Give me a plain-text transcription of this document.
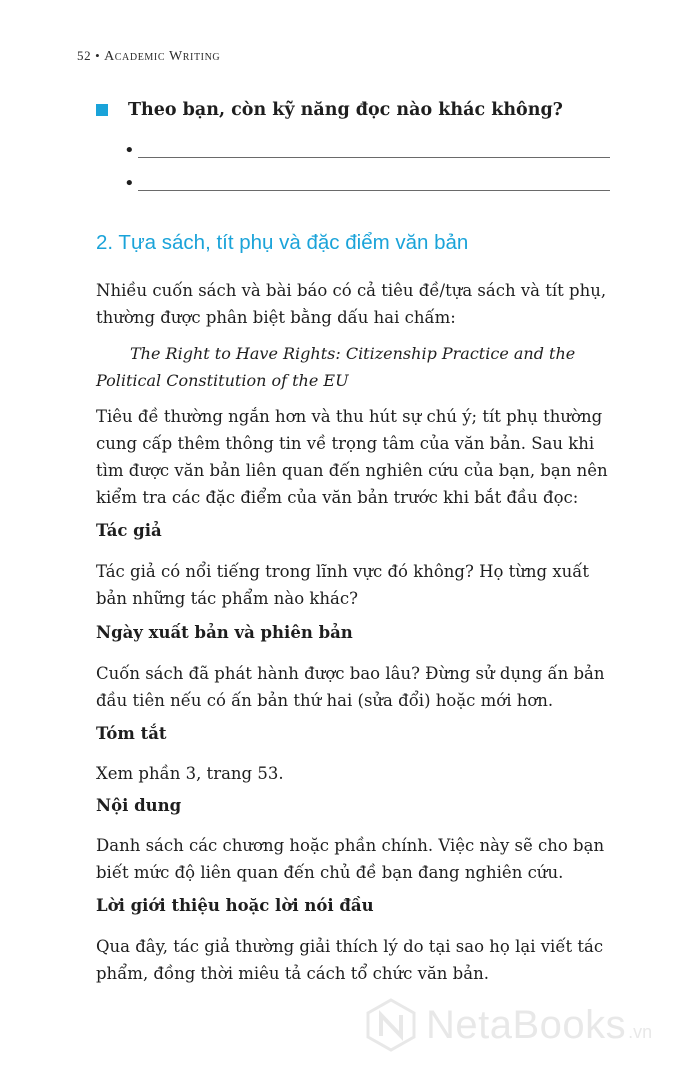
52 • Academic Writing
Theo bạn, còn kỹ năng đọc nào khác không?
•
•
2. Tựa sách, tít phụ và đặc điểm văn bản
Nhiều cuốn sách và bài báo có cả tiêu đề/tựa sách và tít phụ, thường được phân biệt bằng dấu hai chấm:
The Right to Have Rights: Citizenship Practice and the Political Constitution of the EU
Tiêu đề thường ngắn hơn và thu hút sự chú ý; tít phụ thường cung cấp thêm thông tin về trọng tâm của văn bản. Sau khi tìm được văn bản liên quan đến nghiên cứu của bạn, bạn nên kiểm tra các đặc điểm của văn bản trước khi bắt đầu đọc:
Tác giả
Tác giả có nổi tiếng trong lĩnh vực đó không? Họ từng xuất bản những tác phẩm nào khác?
Ngày xuất bản và phiên bản
Cuốn sách đã phát hành được bao lâu? Đừng sử dụng ấn bản đầu tiên nếu có ấn bản thứ hai (sửa đổi) hoặc mới hơn.
Tóm tắt
Xem phần 3, trang 53.
Nội dung
Danh sách các chương hoặc phần chính. Việc này sẽ cho bạn biết mức độ liên quan đến chủ đề bạn đang nghiên cứu.
Lời giới thiệu hoặc lời nói đầu
Qua đây, tác giả thường giải thích lý do tại sao họ lại viết tác phẩm, đồng thời miêu tả cách tổ chức văn bản.
NetaBooks .vn
